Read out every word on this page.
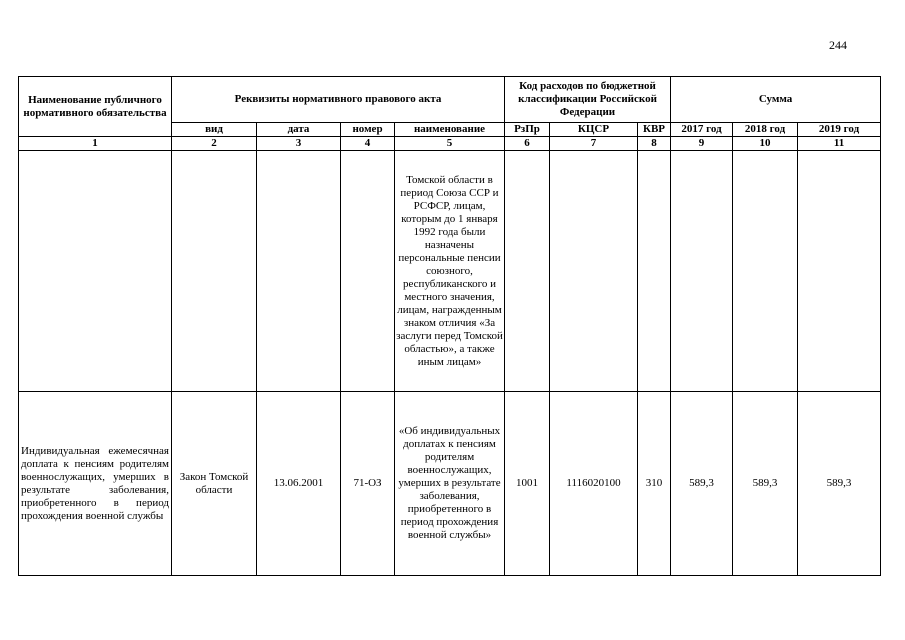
244
Наименование публичного нормативного обязательства	Реквизиты нормативного правового акта				Код расходов по бюджетной классификации Российской Федерации			Сумма		
	вид	дата	номер	наименование	РзПр	КЦСР	КВР	2017 год	2018 год	2019 год
1	2	3	4	5	6	7	8	9	10	11
				Томской области в период Союза ССР и РСФСР, лицам, которым до 1 января 1992 года были назначены персональные пенсии союзного, республиканского и местного значения, лицам, награжденным знаком отличия «За заслуги перед Томской областью», а также иным лицам»						
Индивидуальная ежемесячная доплата к пенсиям родителям военнослужащих, умерших в результате заболевания, приобретенного в период прохождения военной службы	Закон Томской области	13.06.2001	71-ОЗ	«Об индивидуальных доплатах к пенсиям родителям военнослужащих, умерших в результате заболевания, приобретенного в период прохождения военной службы»	1001	1116020100	310	589,3	589,3	589,3
